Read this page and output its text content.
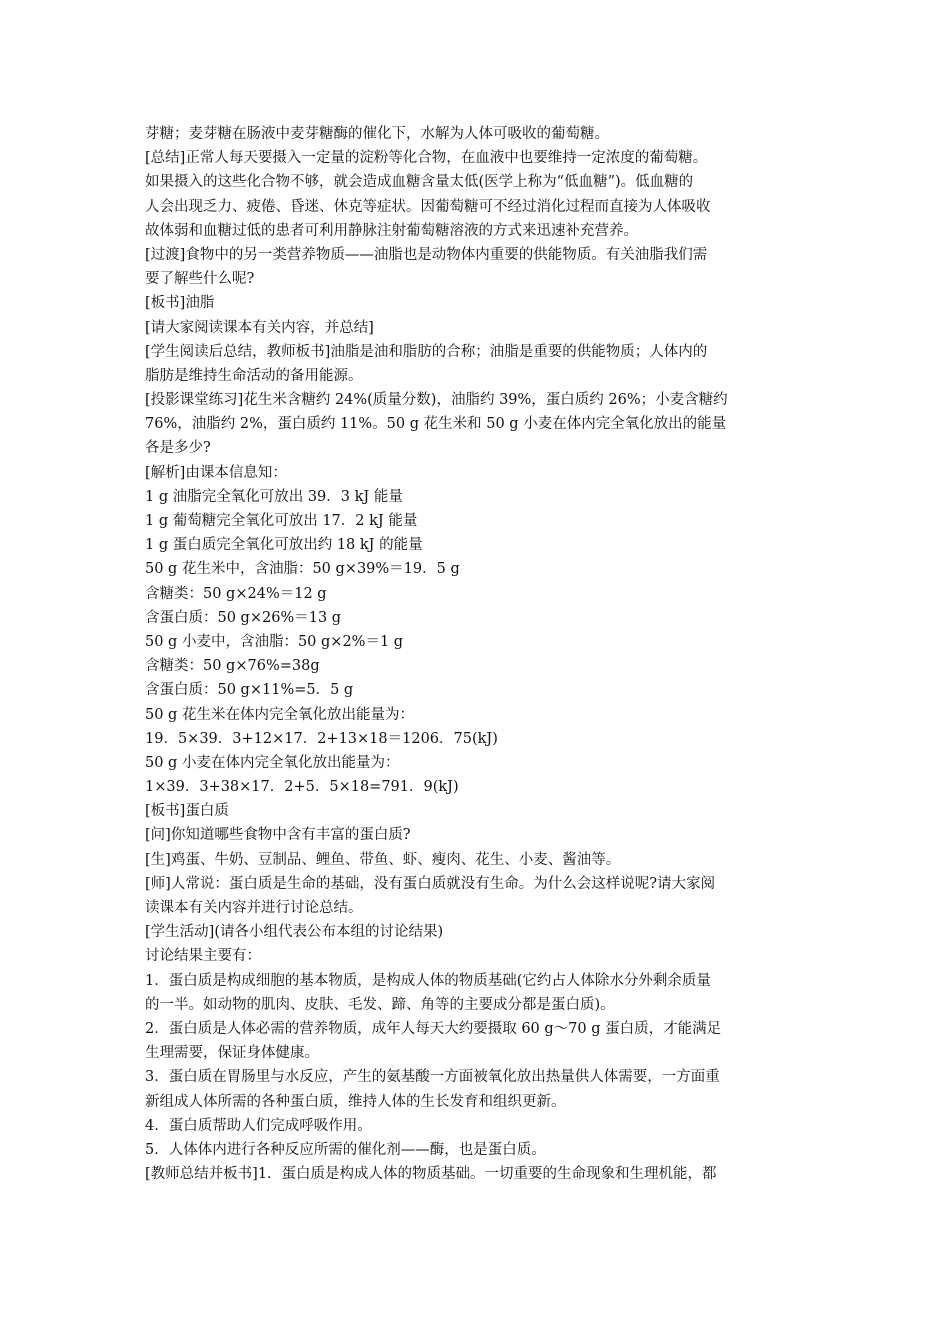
芽糖；麦芽糖在肠液中麦芽糖酶的催化下，水解为人体可吸收的葡萄糖。
[总结]正常人每天要摄入一定量的淀粉等化合物，在血液中也要维持一定浓度的葡萄糖。
如果摄入的这些化合物不够，就会造成血糖含量太低(医学上称为“低血糖”)。低血糖的
人会出现乏力、疲倦、昏迷、休克等症状。因葡萄糖可不经过消化过程而直接为人体吸收
故体弱和血糖过低的患者可利用静脉注射葡萄糖溶液的方式来迅速补充营养。
[过渡]食物中的另一类营养物质——油脂也是动物体内重要的供能物质。有关油脂我们需
要了解些什么呢?
[板书]油脂
[请大家阅读课本有关内容，并总结]
[学生阅读后总结，教师板书]油脂是油和脂肪的合称；油脂是重要的供能物质；人体内的
脂肪是维持生命活动的备用能源。
[投影课堂练习]花生米含糖约 24%(质量分数)，油脂约 39%，蛋白质约 26%；小麦含糖约
76%，油脂约 2%，蛋白质约 11%。50 g 花生米和 50 g 小麦在体内完全氧化放出的能量
各是多少?
[解析]由课本信息知：
1 g 油脂完全氧化可放出 39．3 kJ 能量
1 g 葡萄糖完全氧化可放出 17．2 kJ 能量
1 g 蛋白质完全氧化可放出约 18 kJ 的能量
50 g 花生米中，含油脂：50 g×39%＝19．5 g
含糖类：50 g×24%＝12 g
含蛋白质：50 g×26%＝13 g
50 g 小麦中，含油脂：50 g×2%＝1 g
含糖类：50 g×76%=38g
含蛋白质：50 g×11%=5．5 g
50 g 花生米在体内完全氧化放出能量为：
19．5×39．3+12×17．2+13×18＝1206．75(kJ)
50 g 小麦在体内完全氧化放出能量为：
1×39．3+38×17．2+5．5×18=791．9(kJ)
[板书]蛋白质
[问]你知道哪些食物中含有丰富的蛋白质?
[生]鸡蛋、牛奶、豆制品、鲤鱼、带鱼、虾、瘦肉、花生、小麦、酱油等。
[师]人常说：蛋白质是生命的基础，没有蛋白质就没有生命。为什么会这样说呢?请大家阅
读课本有关内容并进行讨论总结。
[学生活动](请各小组代表公布本组的讨论结果)
讨论结果主要有：
1．蛋白质是构成细胞的基本物质，是构成人体的物质基础(它约占人体除水分外剩余质量
的一半。如动物的肌肉、皮肤、毛发、蹄、角等的主要成分都是蛋白质)。
2．蛋白质是人体必需的营养物质，成年人每天大约要摄取 60 g～70 g 蛋白质，才能满足
生理需要，保证身体健康。
3．蛋白质在胃肠里与水反应，产生的氨基酸一方面被氧化放出热量供人体需要，一方面重
新组成人体所需的各种蛋白质，维持人体的生长发育和组织更新。
4．蛋白质帮助人们完成呼吸作用。
5．人体体内进行各种反应所需的催化剂——酶，也是蛋白质。
[教师总结并板书]1．蛋白质是构成人体的物质基础。一切重要的生命现象和生理机能，都
